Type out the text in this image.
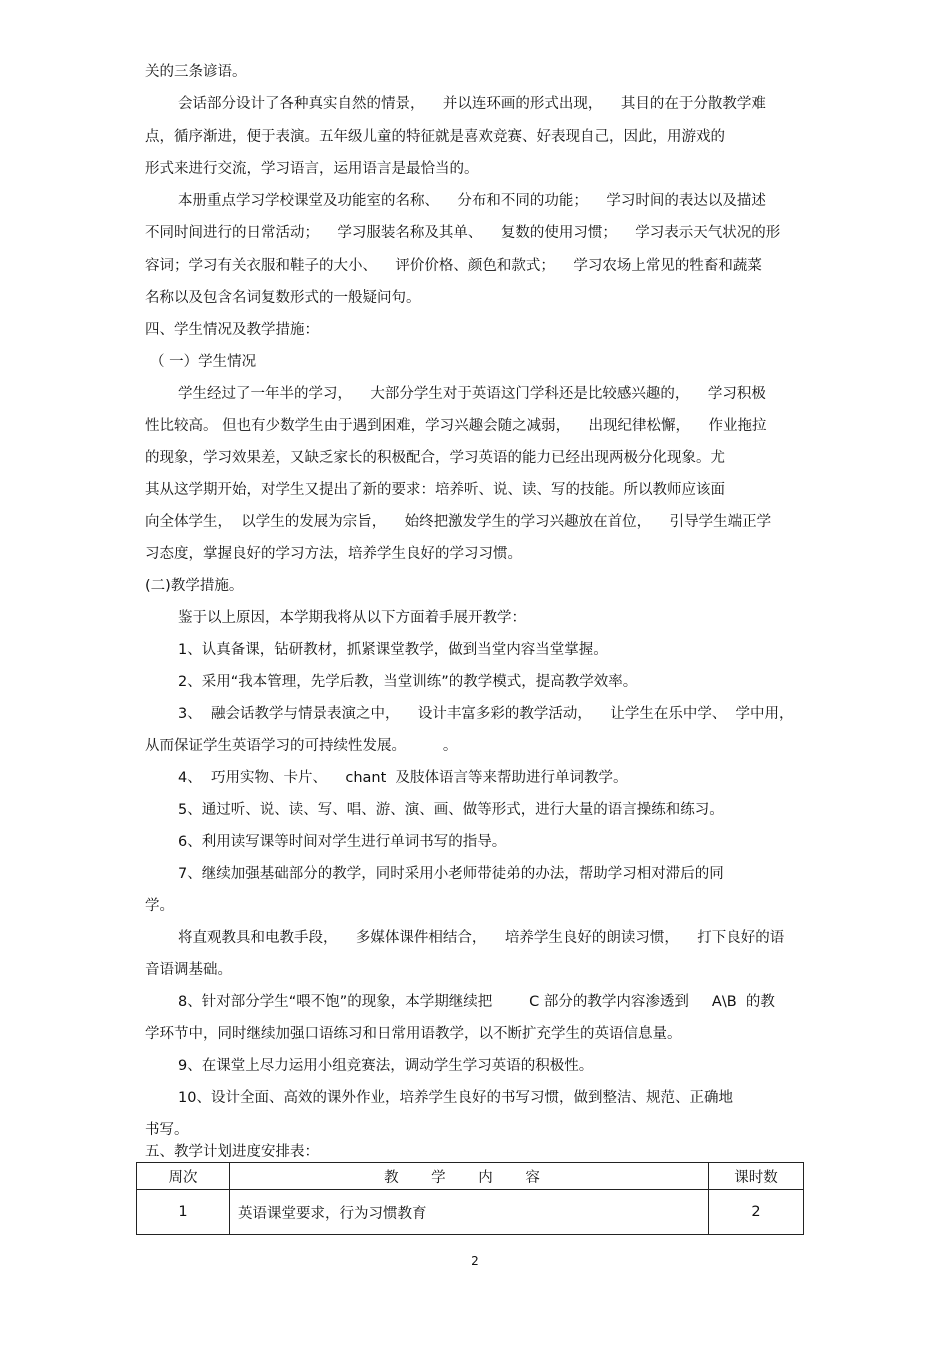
关的三条谚语。
会话部分设计了各种真实自然的情景，    并以连环画的形式出现，    其目的在于分散教学难
点，循序渐进，便于表演。五年级儿童的特征就是喜欢竞赛、好表现自己，因此，用游戏的
形式来进行交流，学习语言，运用语言是最恰当的。
本册重点学习学校课堂及功能室的名称、    分布和不同的功能；    学习时间的表达以及描述
不同时间进行的日常活动；    学习服装名称及其单、    复数的使用习惯；    学习表示天气状况的形
容词；学习有关衣服和鞋子的大小、    评价价格、颜色和款式；    学习农场上常见的牲畜和蔬菜
名称以及包含名词复数形式的一般疑问句。
四、学生情况及教学措施：
（ 一）学生情况
学生经过了一年半的学习，    大部分学生对于英语这门学科还是比较感兴趣的，    学习积极
性比较高。 但也有少数学生由于遇到困难，学习兴趣会随之减弱，    出现纪律松懈，    作业拖拉
的现象，学习效果差，又缺乏家长的积极配合，学习英语的能力已经出现两极分化现象。尤
其从这学期开始，对学生又提出了新的要求：培养听、说、读、写的技能。所以教师应该面
向全体学生，  以学生的发展为宗旨，    始终把激发学生的学习兴趣放在首位，    引导学生端正学
习态度，掌握良好的学习方法，培养学生良好的学习习惯。
(二)教学措施。
鉴于以上原因，本学期我将从以下方面着手展开教学：
1、认真备课，钻研教材，抓紧课堂教学，做到当堂内容当堂掌握。
2、采用“我本管理，先学后教，当堂训练”的教学模式，提高教学效率。
3、  融会话教学与情景表演之中，    设计丰富多彩的教学活动，    让学生在乐中学、  学中用，
从而保证学生英语学习的可持续性发展。        。
4、  巧用实物、卡片、    chant  及肢体语言等来帮助进行单词教学。
5、通过听、说、读、写、唱、游、演、画、做等形式，进行大量的语言操练和练习。
6、利用读写课等时间对学生进行单词书写的指导。
7、继续加强基础部分的教学，同时采用小老师带徒弟的办法，帮助学习相对滞后的同
学。
将直观教具和电教手段，    多媒体课件相结合，    培养学生良好的朗读习惯，    打下良好的语
音语调基础。
8、针对部分学生“喂不饱”的现象，本学期继续把        C 部分的教学内容渗透到     A\B  的教
学环节中，同时继续加强口语练习和日常用语教学，以不断扩充学生的英语信息量。
9、在课堂上尽力运用小组竞赛法，调动学生学习英语的积极性。
10、设计全面、高效的课外作业，培养学生良好的书写习惯，做到整洁、规范、正确地
书写。
五、教学计划进度安排表：
周次	教 学 内 容	课时数
1	英语课堂要求，行为习惯教育	2
2
